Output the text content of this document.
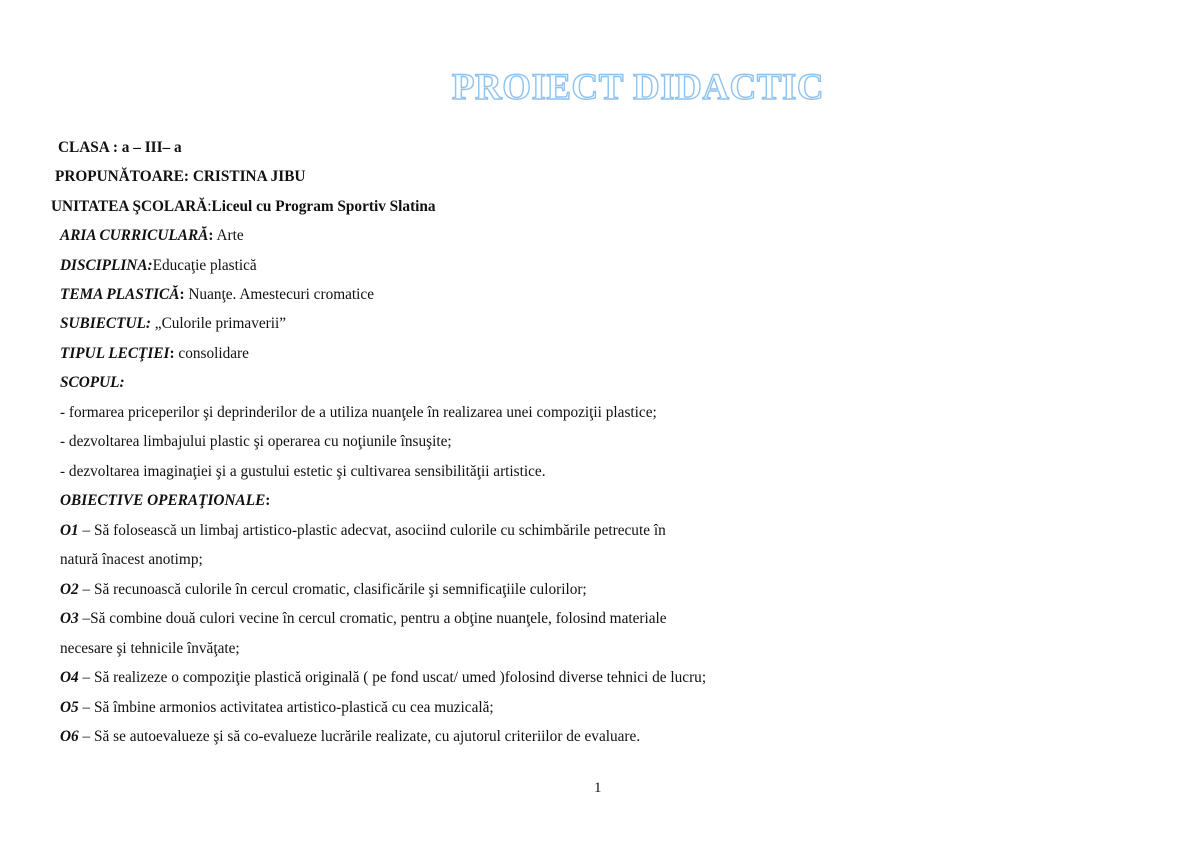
PROIECT DIDACTIC
CLASA : a – III– a
PROPUNĂTOARE: CRISTINA JIBU
UNITATEA ŞCOLARĂ:Liceul cu Program Sportiv Slatina
ARIA CURRICULARĂ: Arte
DISCIPLINA:Educaţie plastică
TEMA PLASTICĂ: Nuanţe. Amestecuri cromatice
SUBIECTUL: „Culorile primaverii”
TIPUL LECŢIEI: consolidare
SCOPUL:
- formarea priceperilor şi deprinderilor de a utiliza nuanţele în realizarea unei compoziţii plastice;
- dezvoltarea limbajului plastic şi operarea cu noţiunile însuşite;
- dezvoltarea imaginaţiei şi a gustului estetic şi cultivarea sensibilităţii artistice.
OBIECTIVE OPERAŢIONALE:
O1 – Să folosească un limbaj artistico-plastic adecvat, asociind culorile cu schimbările petrecute în
natură înacest anotimp;
O2 – Să recunoască culorile în cercul cromatic, clasificările şi semnificaţiile culorilor;
O3 –Să combine două culori vecine în cercul cromatic, pentru a obţine nuanţele, folosind materiale
necesare şi tehnicile învăţate;
O4 – Să realizeze o compoziţie plastică originală ( pe fond uscat/ umed )folosind diverse tehnici de lucru;
O5 – Să îmbine armonios activitatea artistico-plastică cu cea muzicală;
O6 – Să se autoevalueze şi să co-evalueze lucrările realizate, cu ajutorul criteriilor de evaluare.
1
